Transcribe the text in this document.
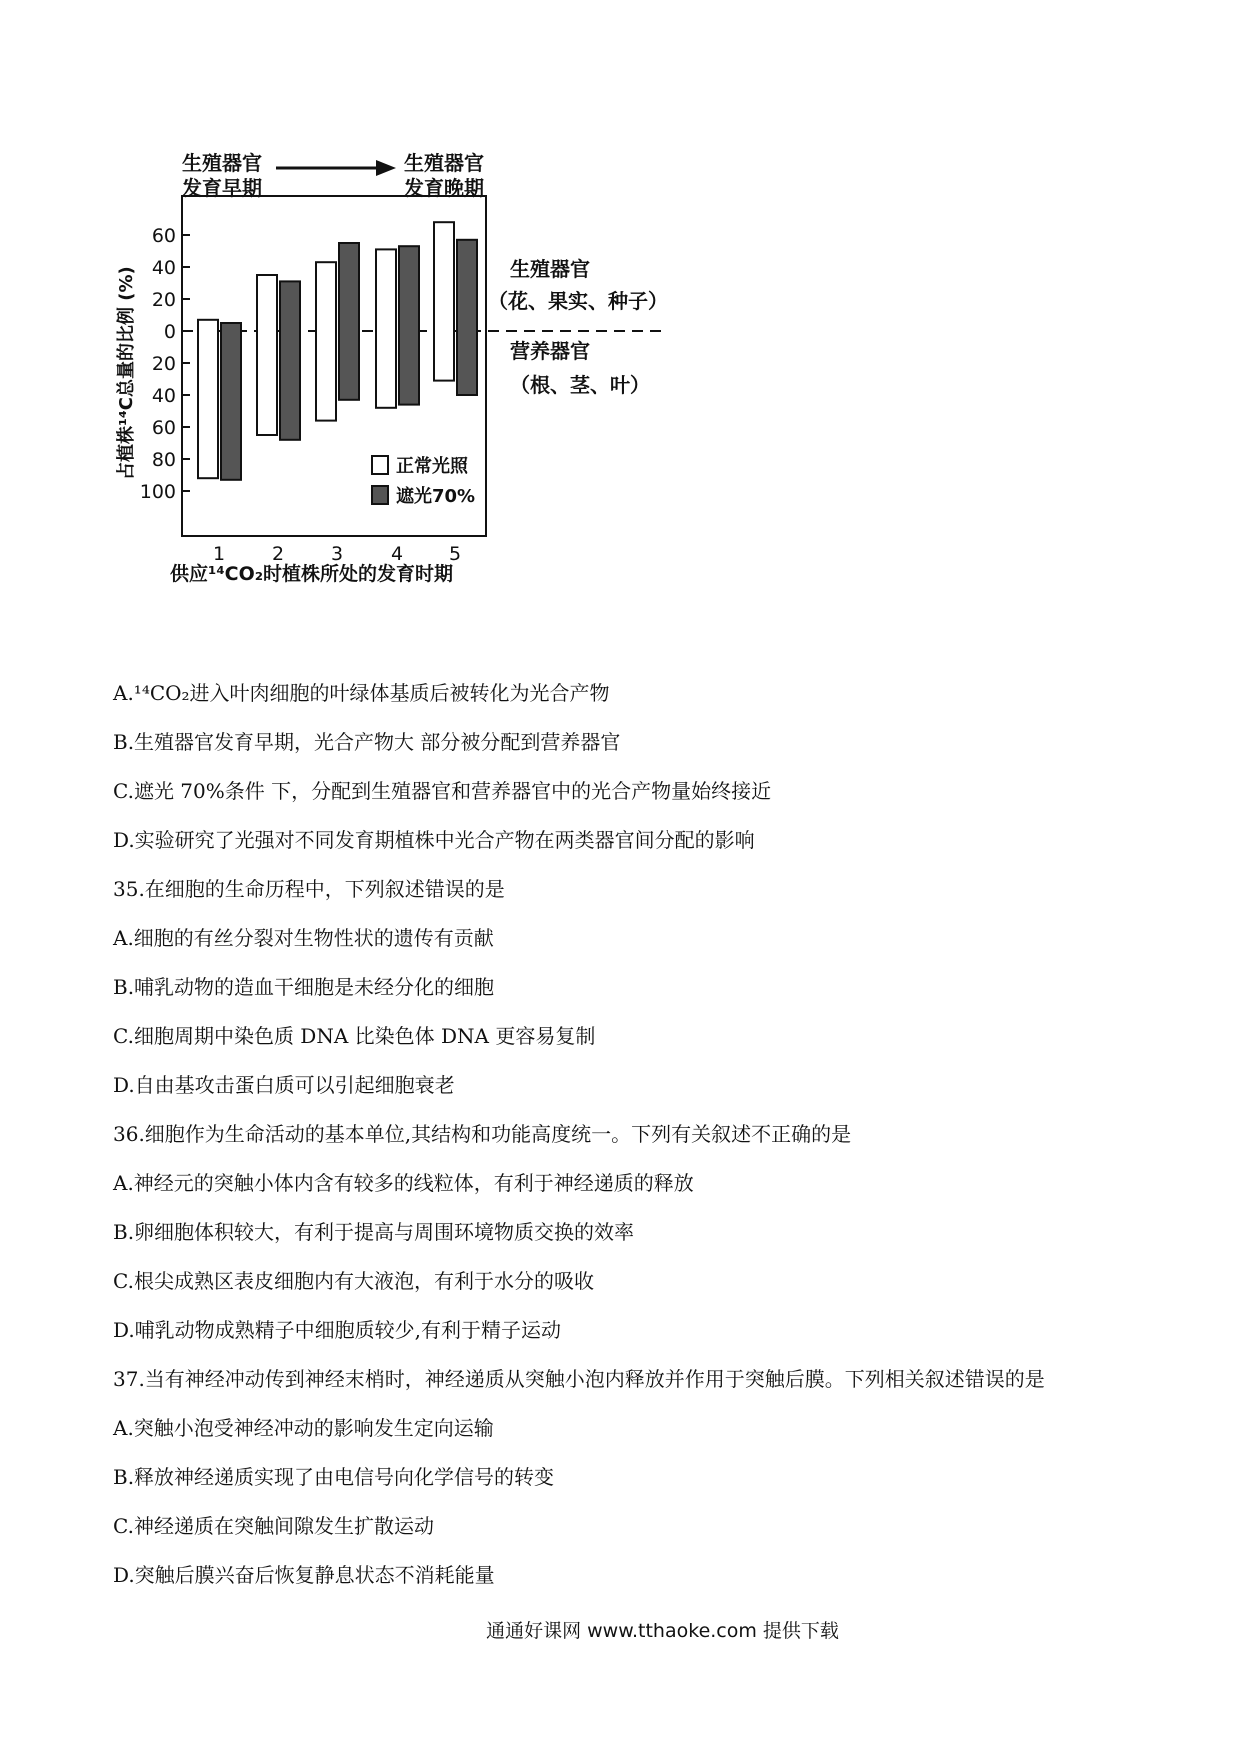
生殖器官
发育早期
生殖器官
发育晚期
占植株¹⁴C总量的比例 (%)
供应¹⁴CO₂时植株所处的发育时期
生殖器官
（花、果实、种子）
营养器官
（根、茎、叶）
正常光照
遮光70%
0
20
40
60
20
40
60
80
100
1 2 3	4 5
A.¹⁴CO₂进入叶肉细胞的叶绿体基质后被转化为光合产物
B.生殖器官发育早期，光合产物大 部分被分配到营养器官
C.遮光 70%条件 下，分配到生殖器官和营养器官中的光合产物量始终接近
D.实验研究了光强对不同发育期植株中光合产物在两类器官间分配的影响
35.在细胞的生命历程中，下列叙述错误的是
A.细胞的有丝分裂对生物性状的遗传有贡献
B.哺乳动物的造血干细胞是未经分化的细胞
C.细胞周期中染色质 DNA 比染色体 DNA 更容易复制
D.自由基攻击蛋白质可以引起细胞衰老
36.细胞作为生命活动的基本单位,其结构和功能高度统一。下列有关叙述不正确的是
A.神经元的突触小体内含有较多的线粒体，有利于神经递质的释放
B.卵细胞体积较大，有利于提高与周围环境物质交换的效率
C.根尖成熟区表皮细胞内有大液泡，有利于水分的吸收
D.哺乳动物成熟精子中细胞质较少,有利于精子运动
37.当有神经冲动传到神经末梢时，神经递质从突触小泡内释放并作用于突触后膜。下列相关叙述错误的是
A.突触小泡受神经冲动的影响发生定向运输
B.释放神经递质实现了由电信号向化学信号的转变
C.神经递质在突触间隙发生扩散运动
D.突触后膜兴奋后恢复静息状态不消耗能量
通通好课网 www.tthaoke.com 提供下载
